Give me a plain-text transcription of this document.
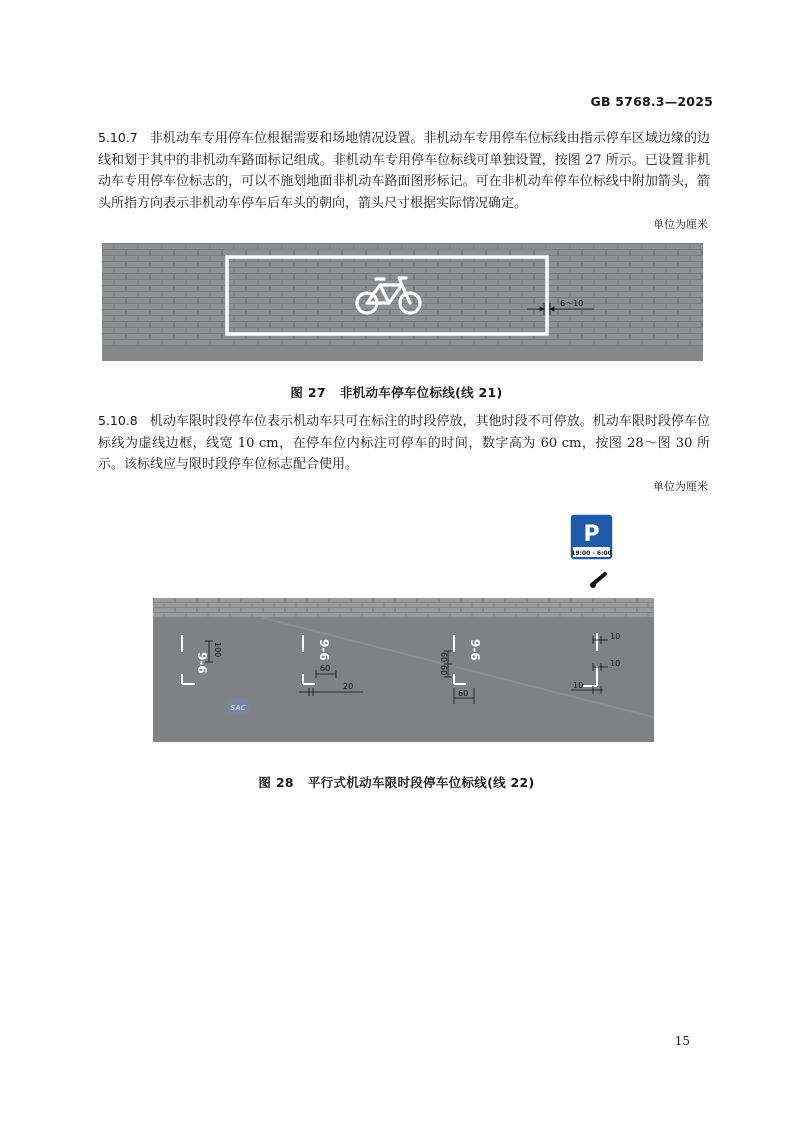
GB 5768.3—2025
5.10.7 非机动车专用停车位根据需要和场地情况设置。非机动车专用停车位标线由指示停车区域边缘的边线和划于其中的非机动车路面标记组成。非机动车专用停车位标线可单独设置，按图 27 所示。已设置非机动车专用停车位标志的，可以不施划地面非机动车路面图形标记。可在非机动车停车位标线中附加箭头，箭头所指方向表示非机动车停车后车头的朝向，箭头尺寸根据实际情况确定。
单位为厘米
6～10
图 27 非机动车停车位标线(线 21)
5.10.8 机动车限时段停车位表示机动车只可在标注的时段停放，其他时段不可停放。机动车限时段停车位标线为虚线边框，线宽 10 cm，在停车位内标注可停车的时间，数字高为 60 cm，按图 28～图 30 所示。该标线应与限时段停车位标志配合使用。
单位为厘米
P
19:00 - 6:00
9-6
100	9-6
60
20
9-6
60
60
60
10
10
10
SAC
图 28 平行式机动车限时段停车位标线(线 22)
15
